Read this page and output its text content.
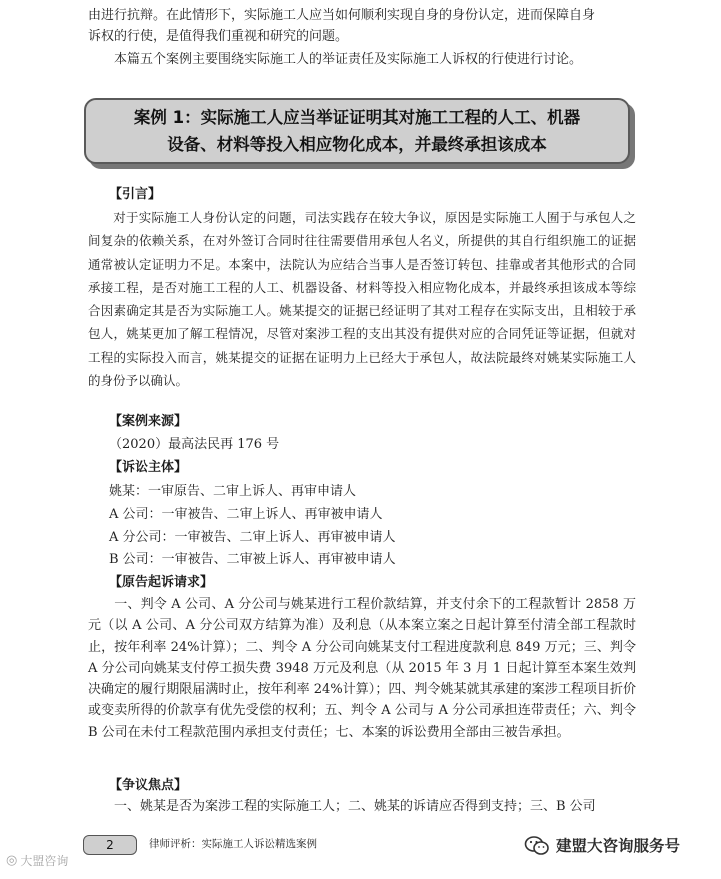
由进行抗辩。在此情形下，实际施工人应当如何顺利实现自身的身份认定，进而保障自身
诉权的行使，是值得我们重视和研究的问题。

本篇五个案例主要围绕实际施工人的举证责任及实际施工人诉权的行使进行讨论。

案例 1：实际施工人应当举证证明其对施工工程的人工、机器
设备、材料等投入相应物化成本，并最终承担该成本
【引言】

对于实际施工人身份认定的问题，司法实践存在较大争议，原因是实际施工人囿于与承包人之间复杂的依赖关系，在对外签订合同时往往需要借用承包人名义，所提供的其自行组织施工的证据通常被认定证明力不足。本案中，法院认为应结合当事人是否签订转包、挂靠或者其他形式的合同承接工程，是否对施工工程的人工、机器设备、材料等投入相应物化成本，并最终承担该成本等综合因素确定其是否为实际施工人。姚某提交的证据已经证明了其对工程存在实际支出，且相较于承包人，姚某更加了解工程情况，尽管对案涉工程的支出其没有提供对应的合同凭证等证据，但就对工程的实际投入而言，姚某提交的证据在证明力上已经大于承包人，故法院最终对姚某实际施工人的身份予以确认。

【案例来源】
（2020）最高法民再 176 号
【诉讼主体】
姚某：一审原告、二审上诉人、再审申请人
A 公司：一审被告、二审上诉人、再审被申请人
A 分公司：一审被告、二审上诉人、再审被申请人
B 公司：一审被告、二审被上诉人、再审被申请人
【原告起诉请求】

一、判令 A 公司、A 分公司与姚某进行工程价款结算，并支付余下的工程款暂计 2858 万元（以 A 公司、A 分公司双方结算为准）及利息（从本案立案之日起计算至付清全部工程款时止，按年利率 24%计算）；二、判令 A 分公司向姚某支付工程进度款利息 849 万元；三、判令 A 分公司向姚某支付停工损失费 3948 万元及利息（从 2015 年 3 月 1 日起计算至本案生效判决确定的履行期限届满时止，按年利率 24%计算）；四、判令姚某就其承建的案涉工程项目折价或变卖所得的价款享有优先受偿的权利；五、判令 A 公司与 A 分公司承担连带责任；六、判令 B 公司在未付工程款范围内承担支付责任；七、本案的诉讼费用全部由三被告承担。

【争议焦点】

一、姚某是否为案涉工程的实际施工人；二、姚某的诉请应否得到支持；三、B 公司

2	律师评析：实际施工人诉讼精选案例
◎ 大盟咨询
建盟大咨询服务号
